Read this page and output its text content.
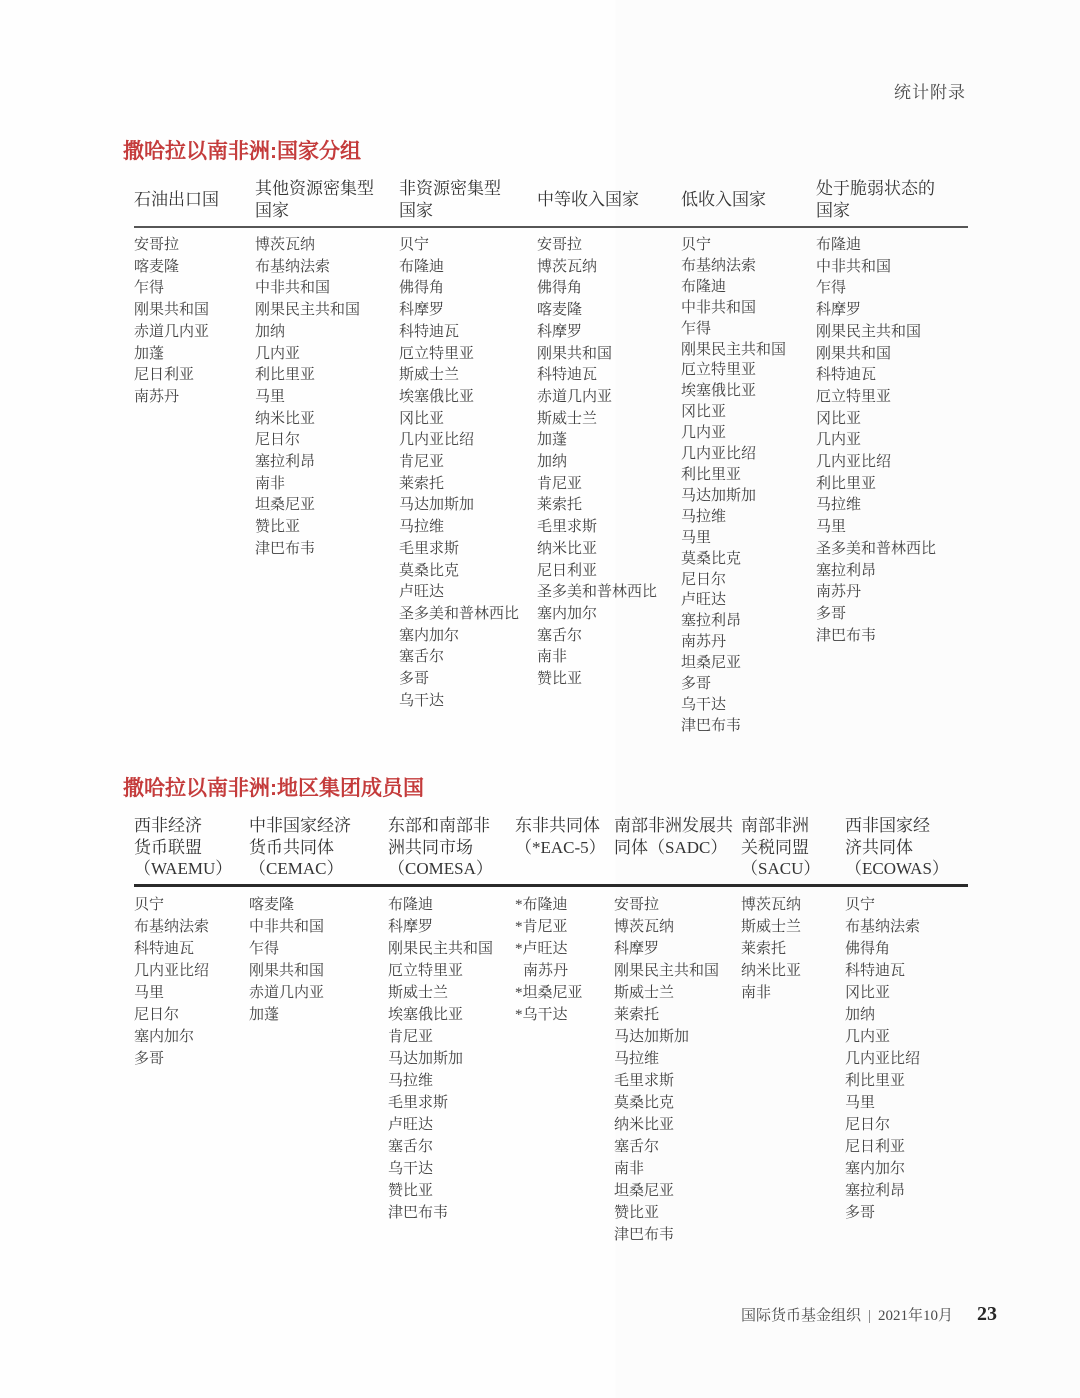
统计附录
撒哈拉以南非洲:国家分组
石油出口国
其他资源密集型
国家
非资源密集型
国家
中等收入国家	低收入国家
处于脆弱状态的
国家
安哥拉
喀麦隆
乍得
刚果共和国
赤道几内亚
加蓬
尼日利亚
南苏丹
博茨瓦纳
布基纳法索
中非共和国
刚果民主共和国
加纳
几内亚
利比里亚
马里
纳米比亚
尼日尔
塞拉利昂
南非
坦桑尼亚
赞比亚
津巴布韦
贝宁
布隆迪
佛得角
科摩罗
科特迪瓦
厄立特里亚
斯威士兰
埃塞俄比亚
冈比亚
几内亚比绍
肯尼亚
莱索托
马达加斯加
马拉维
毛里求斯
莫桑比克
卢旺达
圣多美和普林西比
塞内加尔
塞舌尔
多哥
乌干达
安哥拉
博茨瓦纳
佛得角
喀麦隆
科摩罗
刚果共和国
科特迪瓦
赤道几内亚
斯威士兰
加蓬
加纳
肯尼亚
莱索托
毛里求斯
纳米比亚
尼日利亚
圣多美和普林西比
塞内加尔
塞舌尔
南非
赞比亚
贝宁
布基纳法索
布隆迪
中非共和国
乍得
刚果民主共和国
厄立特里亚
埃塞俄比亚
冈比亚
几内亚
几内亚比绍
利比里亚
马达加斯加
马拉维
马里
莫桑比克
尼日尔
卢旺达
塞拉利昂
南苏丹
坦桑尼亚
多哥
乌干达
津巴布韦
布隆迪
中非共和国
乍得
科摩罗
刚果民主共和国
刚果共和国
科特迪瓦
厄立特里亚
冈比亚
几内亚
几内亚比绍
利比里亚
马拉维
马里
圣多美和普林西比
塞拉利昂
南苏丹
多哥
津巴布韦
撒哈拉以南非洲:地区集团成员国
西非经济
货币联盟
（WAEMU）
中非国家经济
货币共同体
（CEMAC）
东部和南部非
洲共同市场
（COMESA）
东非共同体
（*EAC-5）
南部非洲发展共
同体（SADC）
南部非洲
关税同盟
（SACU）
西非国家经
济共同体
（ECOWAS）
贝宁
布基纳法索
科特迪瓦
几内亚比绍
马里
尼日尔
塞内加尔
多哥
喀麦隆
中非共和国
乍得
刚果共和国
赤道几内亚
加蓬
布隆迪
科摩罗
刚果民主共和国
厄立特里亚
斯威士兰
埃塞俄比亚
肯尼亚
马达加斯加
马拉维
毛里求斯
卢旺达
塞舌尔
乌干达
赞比亚
津巴布韦
*布隆迪
*肯尼亚
*卢旺达
南苏丹
*坦桑尼亚
*乌干达
安哥拉
博茨瓦纳
科摩罗
刚果民主共和国
斯威士兰
莱索托
马达加斯加
马拉维
毛里求斯
莫桑比克
纳米比亚
塞舌尔
南非
坦桑尼亚
赞比亚
津巴布韦
博茨瓦纳
斯威士兰
莱索托
纳米比亚
南非
贝宁
布基纳法索
佛得角
科特迪瓦
冈比亚
加纳
几内亚
几内亚比绍
利比里亚
马里
尼日尔
尼日利亚
塞内加尔
塞拉利昂
多哥
国际货币基金组织 | 2021年10月 23
